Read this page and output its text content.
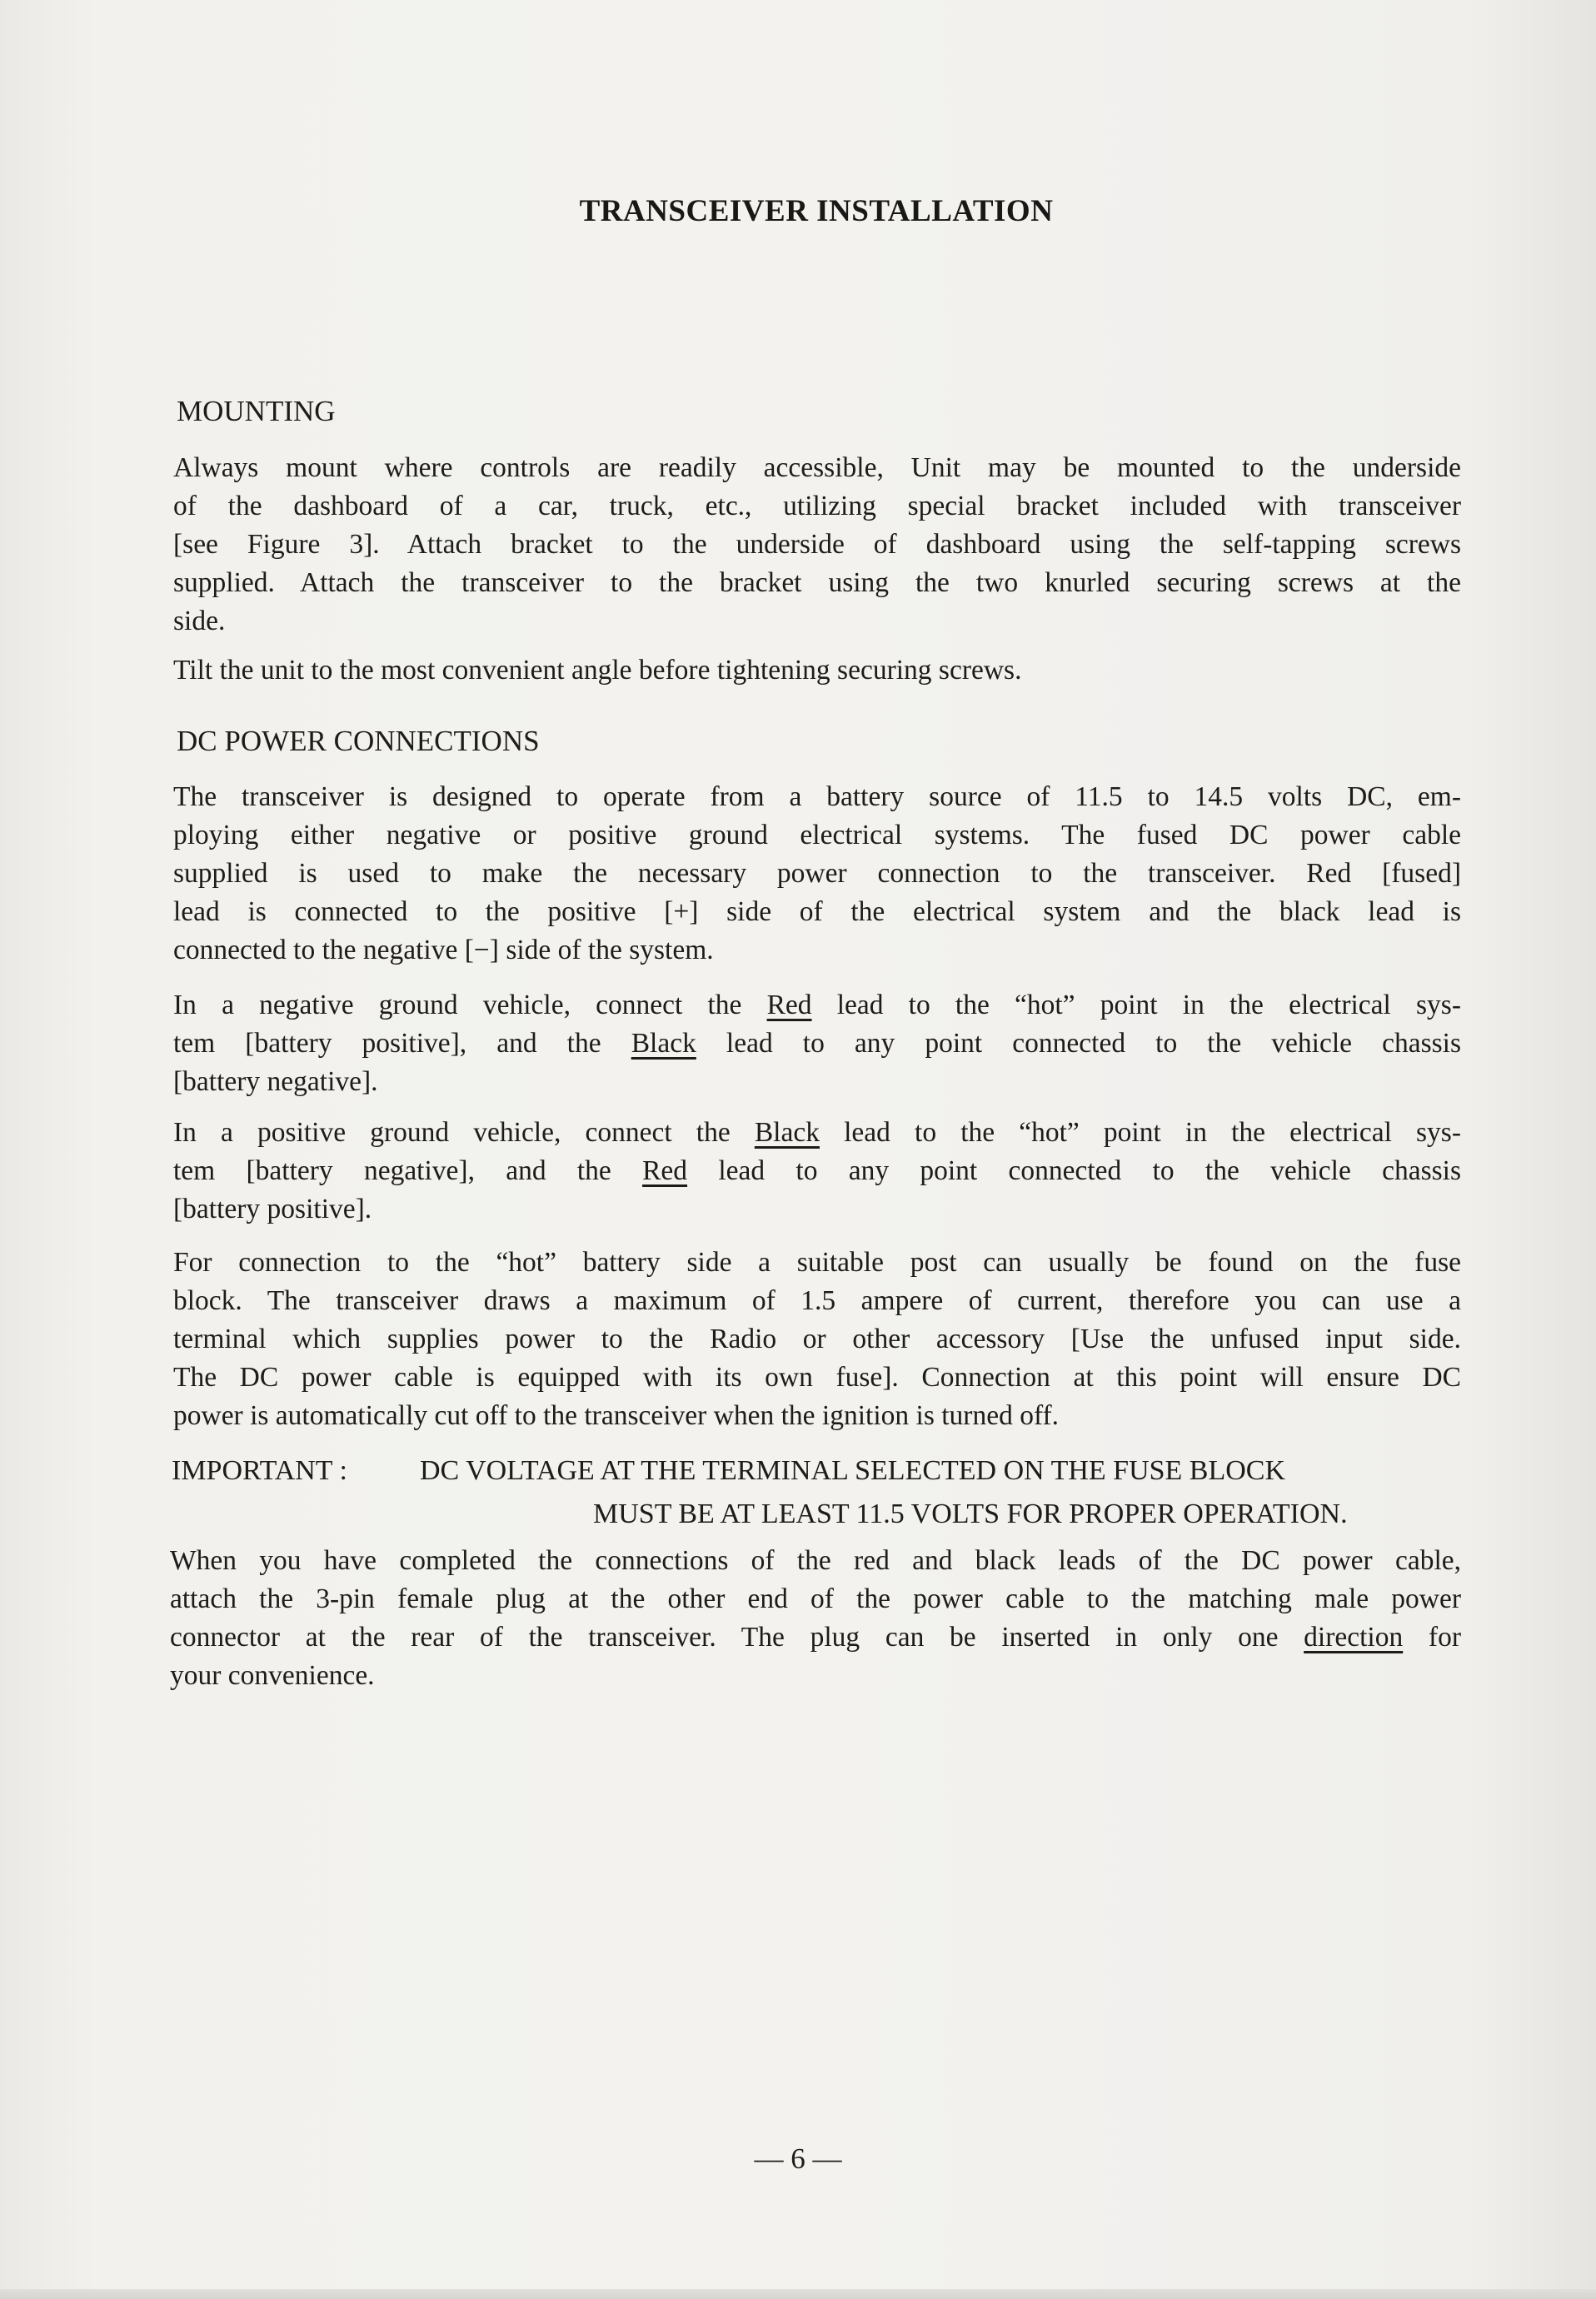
TRANSCEIVER INSTALLATION
MOUNTING
Always mount where controls are readily accessible, Unit may be mounted to the underside
of the dashboard of a car, truck, etc., utilizing special bracket included with transceiver
[see Figure 3]. Attach bracket to the underside of dashboard using the self-tapping screws
supplied. Attach the transceiver to the bracket using the two knurled securing screws at the
side.
Tilt the unit to the most convenient angle before tightening securing screws.
DC POWER CONNECTIONS
The transceiver is designed to operate from a battery source of 11.5 to 14.5 volts DC, em-
ploying either negative or positive ground electrical systems. The fused DC power cable
supplied is used to make the necessary power connection to the transceiver. Red [fused]
lead is connected to the positive [+] side of the electrical system and the black lead is
connected to the negative [−] side of the system.
In a negative ground vehicle, connect the Red lead to the “hot” point in the electrical sys-
tem [battery positive], and the Black lead to any point connected to the vehicle chassis
[battery negative].
In a positive ground vehicle, connect the Black lead to the “hot” point in the electrical sys-
tem [battery negative], and the Red lead to any point connected to the vehicle chassis
[battery positive].
For connection to the “hot” battery side a suitable post can usually be found on the fuse
block. The transceiver draws a maximum of 1.5 ampere of current, therefore you can use a
terminal which supplies power to the Radio or other accessory [Use the unfused input side.
The DC power cable is equipped with its own fuse]. Connection at this point will ensure DC
power is automatically cut off to the transceiver when the ignition is turned off.
IMPORTANT :	DC VOLTAGE AT THE TERMINAL SELECTED ON THE FUSE BLOCK
MUST BE AT LEAST 11.5 VOLTS FOR PROPER OPERATION.
When you have completed the connections of the red and black leads of the DC power cable,
attach the 3-pin female plug at the other end of the power cable to the matching male power
connector at the rear of the transceiver. The plug can be inserted in only one direction for
your convenience.
— 6 —
